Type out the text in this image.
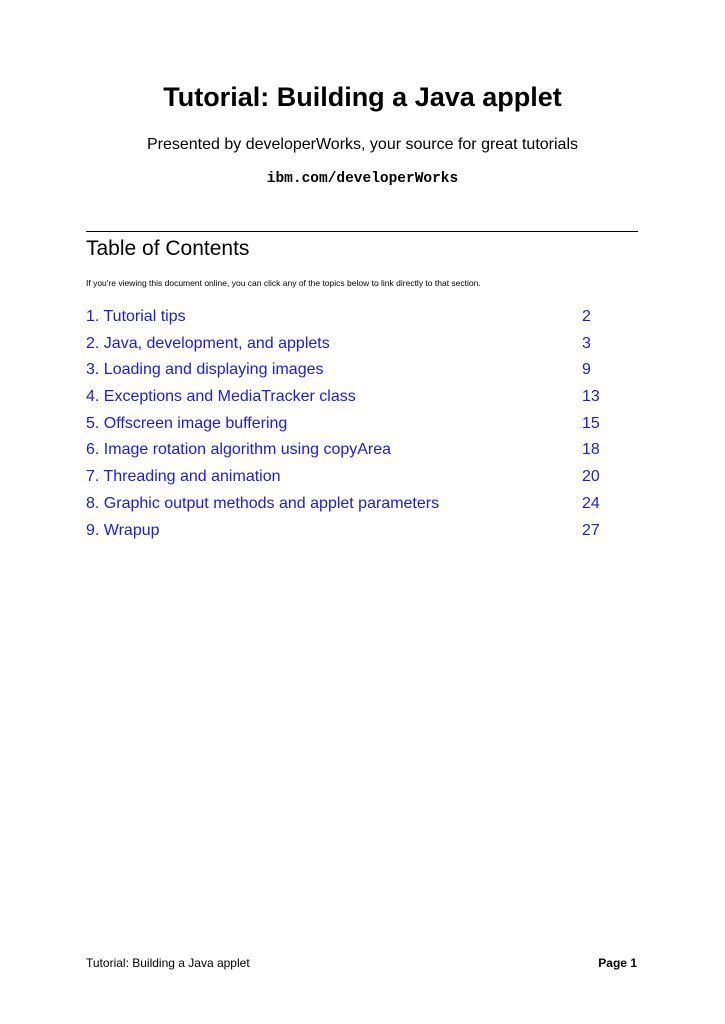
Tutorial: Building a Java applet
Presented by developerWorks, your source for great tutorials
ibm.com/developerWorks
Table of Contents
If you're viewing this document online, you can click any of the topics below to link directly to that section.
1. Tutorial tips	2
2. Java, development, and applets	3
3. Loading and displaying images	9
4. Exceptions and MediaTracker class	13
5. Offscreen image buffering	15
6. Image rotation algorithm using copyArea	18
7. Threading and animation	20
8. Graphic output methods and applet parameters	24
9. Wrapup	27
Tutorial: Building a Java applet	Page 1
